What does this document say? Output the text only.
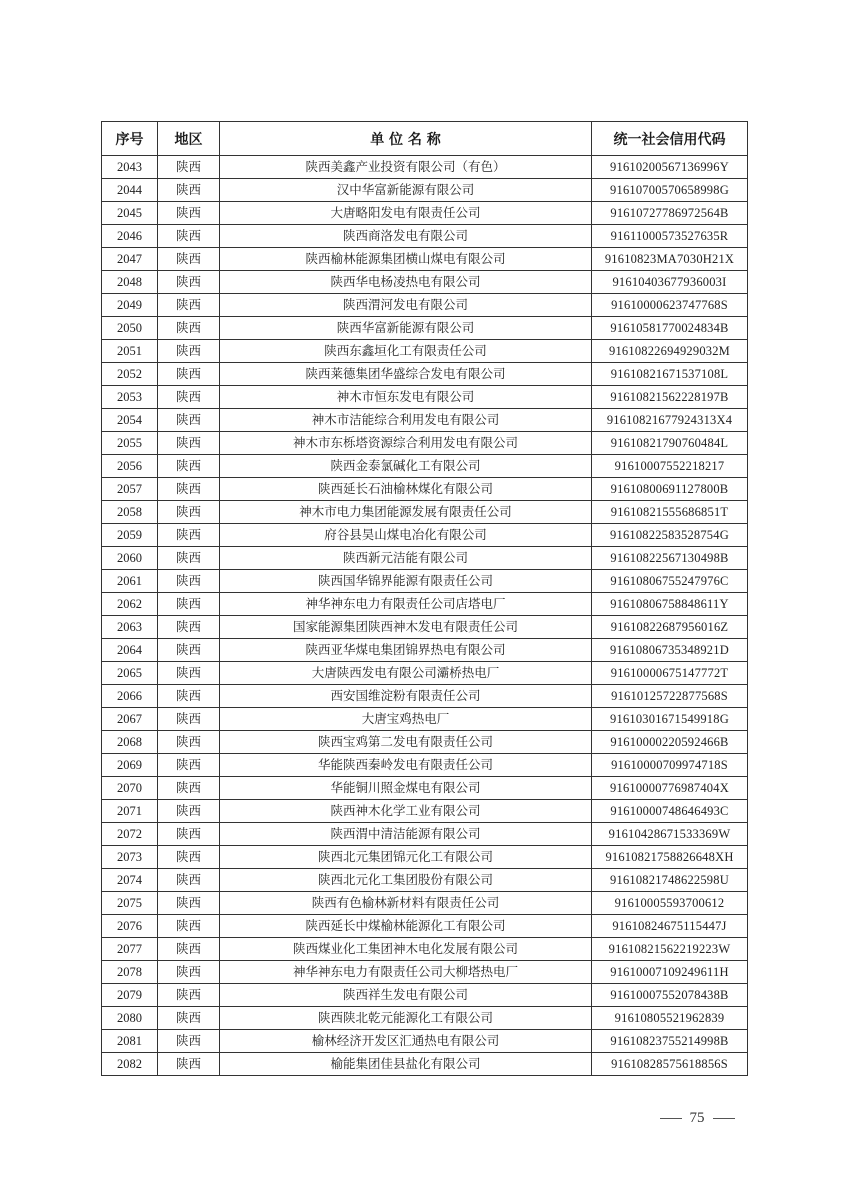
序号	地区	单 位 名 称	统一社会信用代码
2043	陕西	陕西美鑫产业投资有限公司（有色）	91610200567136996Y
2044	陕西	汉中华富新能源有限公司	91610700570658998G
2045	陕西	大唐略阳发电有限责任公司	91610727786972564B
2046	陕西	陕西商洛发电有限公司	91611000573527635R
2047	陕西	陕西榆林能源集团横山煤电有限公司	91610823MA7030H21X
2048	陕西	陕西华电杨凌热电有限公司	91610403677936003I
2049	陕西	陕西渭河发电有限公司	91610000623747768S
2050	陕西	陕西华富新能源有限公司	91610581770024834B
2051	陕西	陕西东鑫垣化工有限责任公司	91610822694929032M
2052	陕西	陕西莱德集团华盛综合发电有限公司	91610821671537108L
2053	陕西	神木市恒东发电有限公司	91610821562228197B
2054	陕西	神木市洁能综合利用发电有限公司	91610821677924313X4
2055	陕西	神木市东栎塔资源综合利用发电有限公司	91610821790760484L
2056	陕西	陕西金泰氯碱化工有限公司	91610007552218217
2057	陕西	陕西延长石油榆林煤化有限公司	91610800691127800B
2058	陕西	神木市电力集团能源发展有限责任公司	91610821555686851T
2059	陕西	府谷县昊山煤电冶化有限公司	91610822583528754G
2060	陕西	陕西新元洁能有限公司	91610822567130498B
2061	陕西	陕西国华锦界能源有限责任公司	91610806755247976C
2062	陕西	神华神东电力有限责任公司店塔电厂	91610806758848611Y
2063	陕西	国家能源集团陕西神木发电有限责任公司	91610822687956016Z
2064	陕西	陕西亚华煤电集团锦界热电有限公司	91610806735348921D
2065	陕西	大唐陕西发电有限公司灞桥热电厂	91610000675147772T
2066	陕西	西安国维淀粉有限责任公司	91610125722877568S
2067	陕西	大唐宝鸡热电厂	91610301671549918G
2068	陕西	陕西宝鸡第二发电有限责任公司	91610000220592466B
2069	陕西	华能陕西秦岭发电有限责任公司	91610000709974718S
2070	陕西	华能铜川照金煤电有限公司	91610000776987404X
2071	陕西	陕西神木化学工业有限公司	91610000748646493C
2072	陕西	陕西渭中清洁能源有限公司	91610428671533369W
2073	陕西	陕西北元集团锦元化工有限公司	91610821758826648XH
2074	陕西	陕西北元化工集团股份有限公司	91610821748622598U
2075	陕西	陕西有色榆林新材料有限责任公司	91610005593700612
2076	陕西	陕西延长中煤榆林能源化工有限公司	91610824675115447J
2077	陕西	陕西煤业化工集团神木电化发展有限公司	91610821562219223W
2078	陕西	神华神东电力有限责任公司大柳塔热电厂	91610007109249611H
2079	陕西	陕西祥生发电有限公司	91610007552078438B
2080	陕西	陕西陕北乾元能源化工有限公司	91610805521962839
2081	陕西	榆林经济开发区汇通热电有限公司	91610823755214998B
2082	陕西	榆能集团佳县盐化有限公司	91610828575618856S
75
